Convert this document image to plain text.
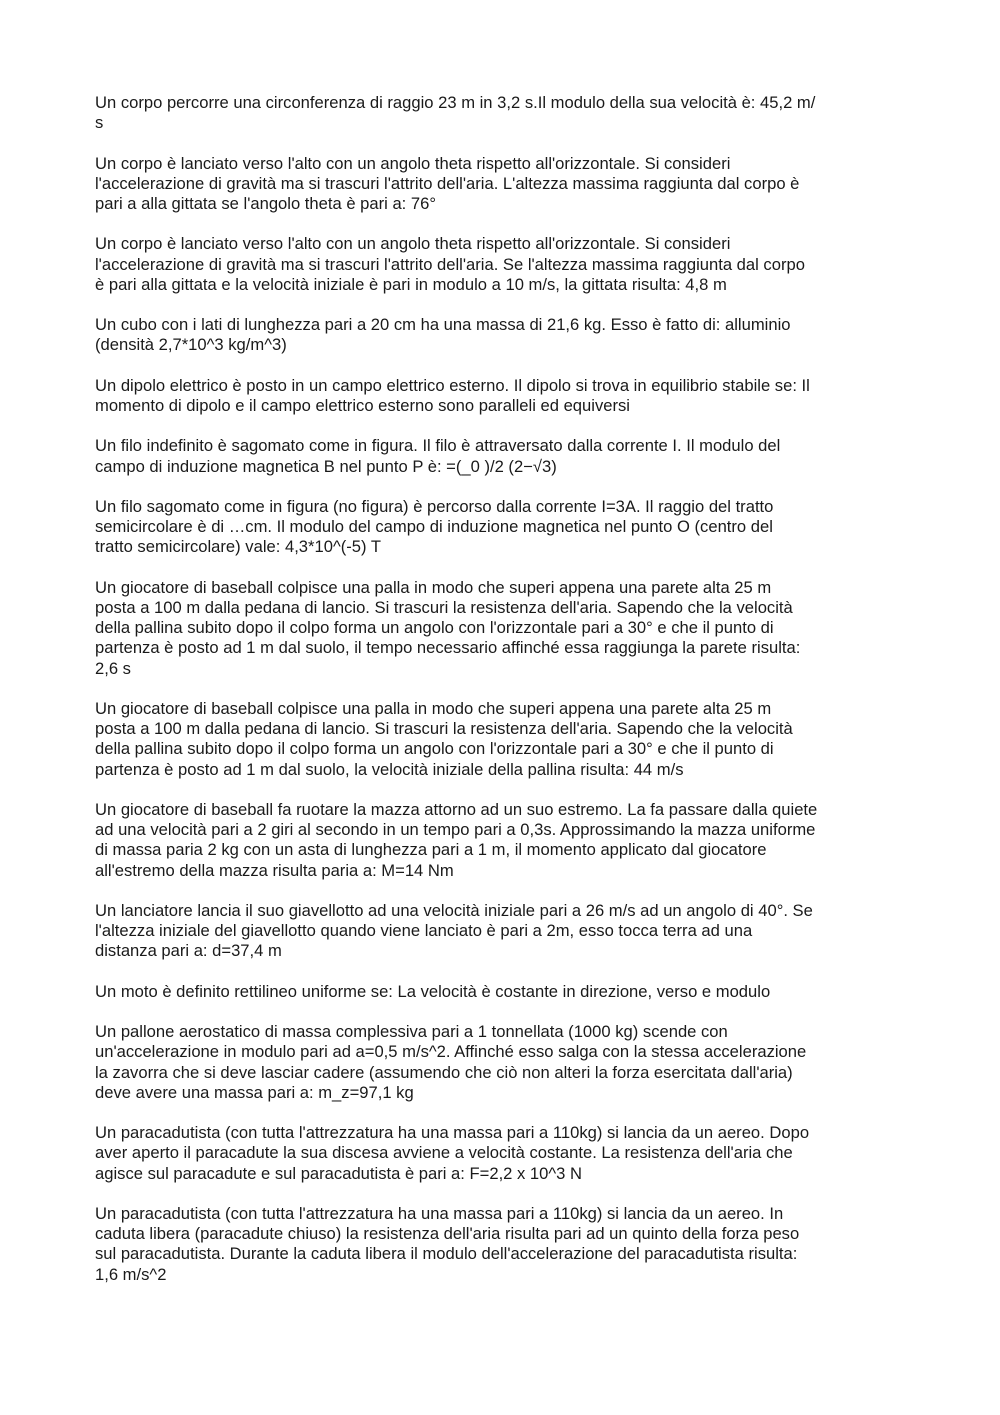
Un corpo percorre una circonferenza di raggio 23 m in 3,2 s.Il modulo della sua velocità è: 45,2 m/
s

Un corpo è lanciato verso l'alto con un angolo theta rispetto all'orizzontale. Si consideri
l'accelerazione di gravità ma si trascuri l'attrito dell'aria. L'altezza massima raggiunta dal corpo è
pari a alla gittata se l'angolo theta è pari a: 76°

Un corpo è lanciato verso l'alto con un angolo theta rispetto all'orizzontale. Si consideri
l'accelerazione di gravità ma si trascuri l'attrito dell'aria. Se l'altezza massima raggiunta dal corpo
è pari alla gittata e la velocità iniziale è pari in modulo a 10 m/s, la gittata risulta: 4,8 m

Un cubo con i lati di lunghezza pari a 20 cm ha una massa di 21,6 kg. Esso è fatto di: alluminio
(densità 2,7*10^3 kg/m^3)

Un dipolo elettrico è posto in un campo elettrico esterno. Il dipolo si trova in equilibrio stabile se: Il
momento di dipolo e il campo elettrico esterno sono paralleli ed equiversi

Un filo indefinito è sagomato come in figura. Il filo è attraversato dalla corrente I. Il modulo del
campo di induzione magnetica B nel punto P è: =(_0 )/2 (2−√3)

Un filo sagomato come in figura (no figura) è percorso dalla corrente I=3A. Il raggio del tratto
semicircolare è di …cm. Il modulo del campo di induzione magnetica nel punto O (centro del
tratto semicircolare) vale: 4,3*10^(-5) T

Un giocatore di baseball colpisce una palla in modo che superi appena una parete alta 25 m
posta a 100 m dalla pedana di lancio. Si trascuri la resistenza dell'aria. Sapendo che la velocità
della pallina subito dopo il colpo forma un angolo con l'orizzontale pari a 30° e che il punto di
partenza è posto ad 1 m dal suolo, il tempo necessario affinché essa raggiunga la parete risulta:
2,6 s

Un giocatore di baseball colpisce una palla in modo che superi appena una parete alta 25 m
posta a 100 m dalla pedana di lancio. Si trascuri la resistenza dell'aria. Sapendo che la velocità
della pallina subito dopo il colpo forma un angolo con l'orizzontale pari a 30° e che il punto di
partenza è posto ad 1 m dal suolo, la velocità iniziale della pallina risulta: 44 m/s

Un giocatore di baseball fa ruotare la mazza attorno ad un suo estremo. La fa passare dalla quiete
ad una velocità pari a 2 giri al secondo in un tempo pari a 0,3s. Approssimando la mazza uniforme
di massa paria 2 kg con un asta di lunghezza pari a 1 m, il momento applicato dal giocatore
all'estremo della mazza risulta paria a: M=14 Nm

Un lanciatore lancia il suo giavellotto ad una velocità iniziale pari a 26 m/s ad un angolo di 40°. Se
l'altezza iniziale del giavellotto quando viene lanciato è pari a 2m, esso tocca terra ad una
distanza pari a: d=37,4 m

Un moto è definito rettilineo uniforme se: La velocità è costante in direzione, verso e modulo

Un pallone aerostatico di massa complessiva pari a 1 tonnellata (1000 kg) scende con
un'accelerazione in modulo pari ad a=0,5 m/s^2. Affinché esso salga con la stessa accelerazione
la zavorra che si deve lasciar cadere (assumendo che ciò non alteri la forza esercitata dall'aria)
deve avere una massa pari a: m_z=97,1 kg

Un paracadutista (con tutta l'attrezzatura ha una massa pari a 110kg) si lancia da un aereo. Dopo
aver aperto il paracadute la sua discesa avviene a velocità costante. La resistenza dell'aria che
agisce sul paracadute e sul paracadutista è pari a: F=2,2 x 10^3 N

Un paracadutista (con tutta l'attrezzatura ha una massa pari a 110kg) si lancia da un aereo. In
caduta libera (paracadute chiuso) la resistenza dell'aria risulta pari ad un quinto della forza peso
sul paracadutista. Durante la caduta libera il modulo dell'accelerazione del paracadutista risulta:
1,6 m/s^2
